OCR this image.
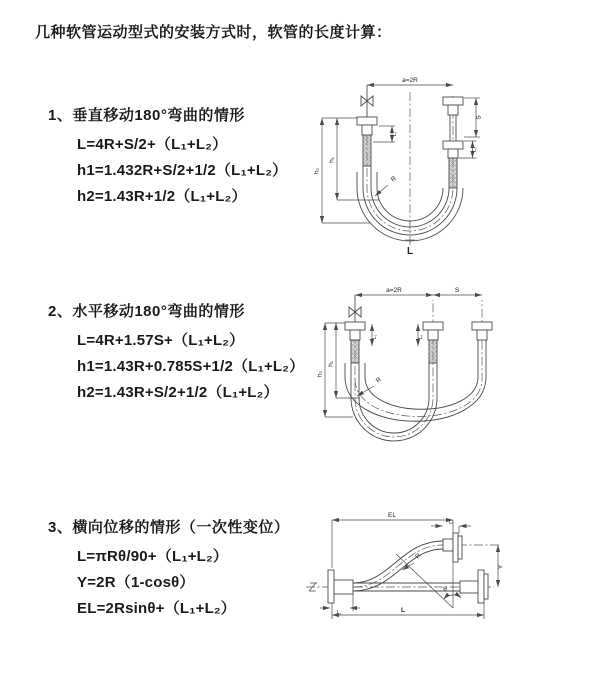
几种软管运动型式的安装方式时，软管的长度计算：
1、垂直移动180°弯曲的情形
L=4R+S/2+（L₁+L₂）
h1=1.432R+S/2+1/2（L₁+L₂）
h2=1.43R+1/2（L₁+L₂）
2、水平移动180°弯曲的情形
L=4R+1.57S+（L₁+L₂）
h1=1.43R+0.785S+1/2（L₁+L₂）
h2=1.43R+S/2+1/2（L₁+L₂）
3、横向位移的情形（一次性变位）
L=πRθ/90+（L₁+L₂）
Y=2R（1-cosθ）
EL=2Rsinθ+（L₁+L₂）
a=2R
S
L₂
h₂
h₁
L₁
R
L
a=2R	S
h₂
h₁
L₁	L₂
R
EL
L₂
Y
θ
R
L₁	L
